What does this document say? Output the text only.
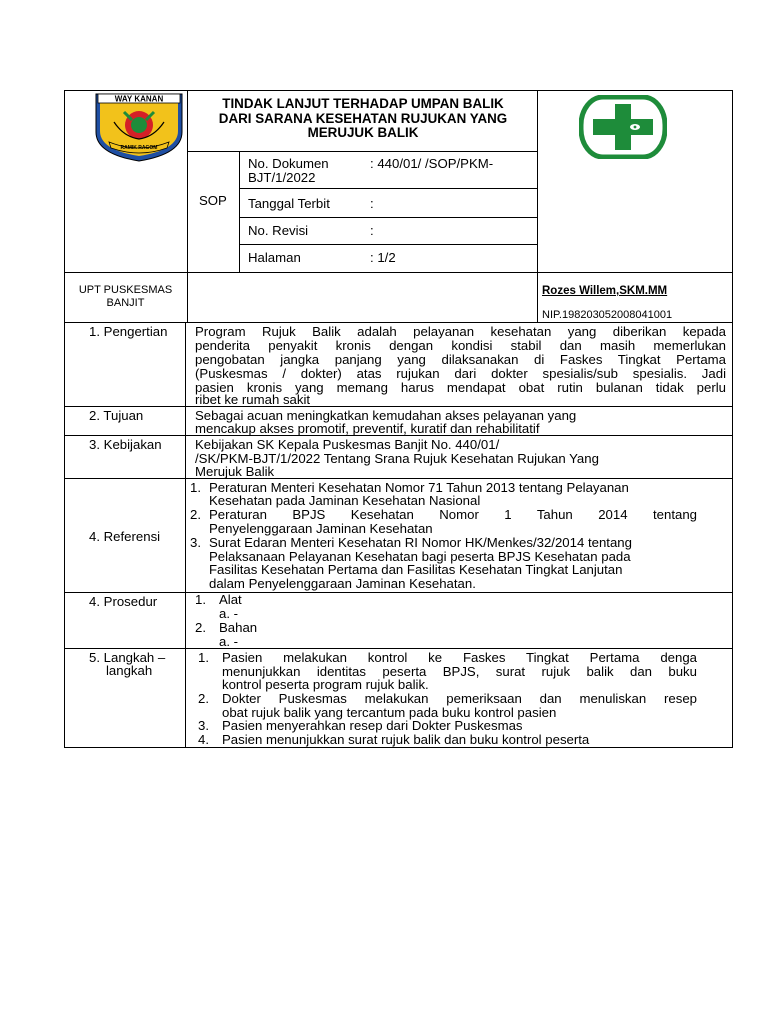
WAY KANAN
RAMIK RAGOM
TINDAK LANJUT TERHADAP UMPAN BALIK
DARI SARANA KESEHATAN RUJUKAN YANG
MERUJUK BALIK
SOP
No. Dokumen	: 440/01/ /SOP/PKM-
BJT/1/2022
Tanggal Terbit	:
No. Revisi	:
Halaman	: 1/2
UPT PUSKESMAS
BANJIT
Rozes Willem,SKM.MM
NIP.198203052008041001
1. Pengertian Program Rujuk Balik adalah pelayanan kesehatan yang diberikan kepada
penderita penyakit kronis dengan kondisi stabil dan masih memerlukan
pengobatan jangka panjang yang dilaksanakan di Faskes Tingkat Pertama
(Puskesmas / dokter) atas rujukan dari dokter spesialis/sub spesialis. Jadi
pasien kronis yang memang harus mendapat obat rutin bulanan tidak perlu
ribet ke rumah sakit
2. Tujuan	Sebagai acuan meningkatkan kemudahan akses pelayanan yang
mencakup akses promotif, preventif, kuratif dan rehabilitatif
3. Kebijakan	Kebijakan SK Kepala Puskesmas Banjit No. 440/01/
/SK/PKM-BJT/1/2022 Tentang Srana Rujuk Kesehatan Rujukan Yang
Merujuk Balik
4. Referensi
1. Peraturan Menteri Kesehatan Nomor 71 Tahun 2013 tentang Pelayanan
Kesehatan pada Jaminan Kesehatan Nasional
2. Peraturan BPJS Kesehatan Nomor 1 Tahun 2014 tentang
Penyelenggaraan Jaminan Kesehatan
3. Surat Edaran Menteri Kesehatan RI Nomor HK/Menkes/32/2014 tentang
Pelaksanaan Pelayanan Kesehatan bagi peserta BPJS Kesehatan pada
Fasilitas Kesehatan Pertama dan Fasilitas Kesehatan Tingkat Lanjutan
dalam Penyelenggaraan Jaminan Kesehatan.
4. Prosedur	1. Alat
a. -
2. Bahan
a. -
5. Langkah –
langkah
1. Pasien melakukan kontrol ke Faskes Tingkat Pertama denga
menunjukkan identitas peserta BPJS, surat rujuk balik dan buku
kontrol peserta program rujuk balik.
2. Dokter Puskesmas melakukan pemeriksaan dan menuliskan resep
obat rujuk balik yang tercantum pada buku kontrol pasien
3. Pasien menyerahkan resep dari Dokter Puskesmas
4. Pasien menunjukkan surat rujuk balik dan buku kontrol peserta
